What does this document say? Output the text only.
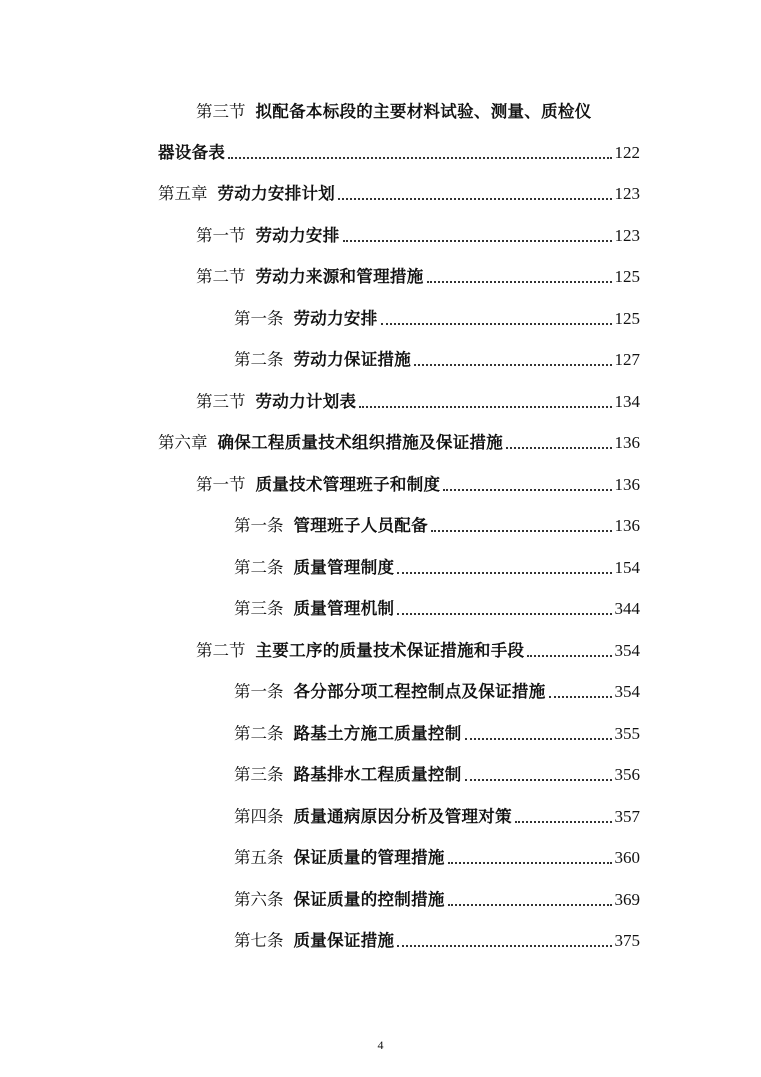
第三节 拟配备本标段的主要材料试验、测量、质检仪
器设备表	122
第五章 劳动力安排计划	123
第一节 劳动力安排	123
第二节 劳动力来源和管理措施	125
第一条 劳动力安排	125
第二条 劳动力保证措施	127
第三节 劳动力计划表	134
第六章 确保工程质量技术组织措施及保证措施	136
第一节 质量技术管理班子和制度	136
第一条 管理班子人员配备	136
第二条 质量管理制度	154
第三条 质量管理机制	344
第二节 主要工序的质量技术保证措施和手段	354
第一条 各分部分项工程控制点及保证措施	354
第二条 路基土方施工质量控制	355
第三条 路基排水工程质量控制	356
第四条 质量通病原因分析及管理对策	357
第五条 保证质量的管理措施	360
第六条 保证质量的控制措施	369
第七条 质量保证措施	375
4
